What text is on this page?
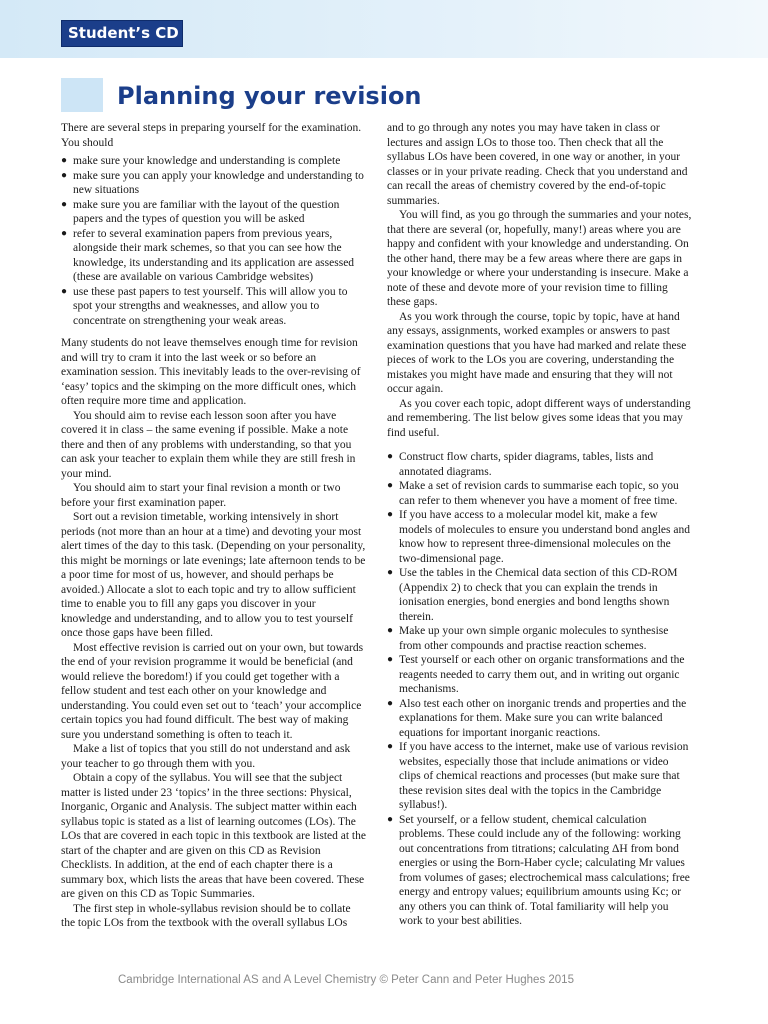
Student’s CD
Planning your revision

There are several steps in preparing yourself for the examination. You should

● make sure your knowledge and understanding is complete
● make sure you can apply your knowledge and understanding to new situations
● make sure you are familiar with the layout of the question papers and the types of question you will be asked
● refer to several examination papers from previous years, alongside their mark schemes, so that you can see how the knowledge, its understanding and its application are assessed (these are available on various Cambridge websites)
● use these past papers to test yourself. This will allow you to spot your strengths and weaknesses, and allow you to concentrate on strengthening your weak areas.

Many students do not leave themselves enough time for revision and will try to cram it into the last week or so before an examination session. This inevitably leads to the over-revising of ‘easy’ topics and the skimping on the more difficult ones, which often require more time and application.

You should aim to revise each lesson soon after you have covered it in class – the same evening if possible. Make a note there and then of any problems with understanding, so that you can ask your teacher to explain them while they are still fresh in your mind.

You should aim to start your final revision a month or two before your first examination paper.

Sort out a revision timetable, working intensively in short periods (not more than an hour at a time) and devoting your most alert times of the day to this task. (Depending on your personality, this might be mornings or late evenings; late afternoon tends to be a poor time for most of us, however, and should perhaps be avoided.) Allocate a slot to each topic and try to allow sufficient time to enable you to fill any gaps you discover in your knowledge and understanding, and to allow you to test yourself once those gaps have been filled.

Most effective revision is carried out on your own, but towards the end of your revision programme it would be beneficial (and would relieve the boredom!) if you could get together with a fellow student and test each other on your knowledge and understanding. You could even set out to ‘teach’ your accomplice certain topics you had found difficult. The best way of making sure you understand something is often to teach it.

Make a list of topics that you still do not understand and ask your teacher to go through them with you.

Obtain a copy of the syllabus. You will see that the subject matter is listed under 23 ‘topics’ in the three sections: Physical, Inorganic, Organic and Analysis. The subject matter within each syllabus topic is stated as a list of learning outcomes (LOs). The LOs that are covered in each topic in this textbook are listed at the start of the chapter and are given on this CD as Revision Checklists. In addition, at the end of each chapter there is a summary box, which lists the areas that have been covered. These are given on this CD as Topic Summaries.

The first step in whole-syllabus revision should be to collate the topic LOs from the textbook with the overall syllabus LOs

and to go through any notes you may have taken in class or lectures and assign LOs to those too. Then check that all the syllabus LOs have been covered, in one way or another, in your classes or in your private reading. Check that you understand and can recall the areas of chemistry covered by the end-of-topic summaries.

You will find, as you go through the summaries and your notes, that there are several (or, hopefully, many!) areas where you are happy and confident with your knowledge and understanding. On the other hand, there may be a few areas where there are gaps in your knowledge or where your understanding is insecure. Make a note of these and devote more of your revision time to filling these gaps.

As you work through the course, topic by topic, have at hand any essays, assignments, worked examples or answers to past examination questions that you have had marked and relate these pieces of work to the LOs you are covering, understanding the mistakes you might have made and ensuring that they will not occur again.

As you cover each topic, adopt different ways of understanding and remembering. The list below gives some ideas that you may find useful.

● Construct flow charts, spider diagrams, tables, lists and annotated diagrams.
● Make a set of revision cards to summarise each topic, so you can refer to them whenever you have a moment of free time.
● If you have access to a molecular model kit, make a few models of molecules to ensure you understand bond angles and know how to represent three-dimensional molecules on the two-dimensional page.
● Use the tables in the Chemical data section of this CD-ROM (Appendix 2) to check that you can explain the trends in ionisation energies, bond energies and bond lengths shown therein.
● Make up your own simple organic molecules to synthesise from other compounds and practise reaction schemes.
● Test yourself or each other on organic transformations and the reagents needed to carry them out, and in writing out organic mechanisms.
● Also test each other on inorganic trends and properties and the explanations for them. Make sure you can write balanced equations for important inorganic reactions.
● If you have access to the internet, make use of various revision websites, especially those that include animations or video clips of chemical reactions and processes (but make sure that these revision sites deal with the topics in the Cambridge syllabus!).
● Set yourself, or a fellow student, chemical calculation problems. These could include any of the following: working out concentrations from titrations; calculating ΔH from bond energies or using the Born-Haber cycle; calculating Mr values from volumes of gases; electrochemical mass calculations; free energy and entropy values; equilibrium amounts using Kc; or any others you can think of. Total familiarity will help you work to your best abilities.
Cambridge International AS and A Level Chemistry © Peter Cann and Peter Hughes 2015
